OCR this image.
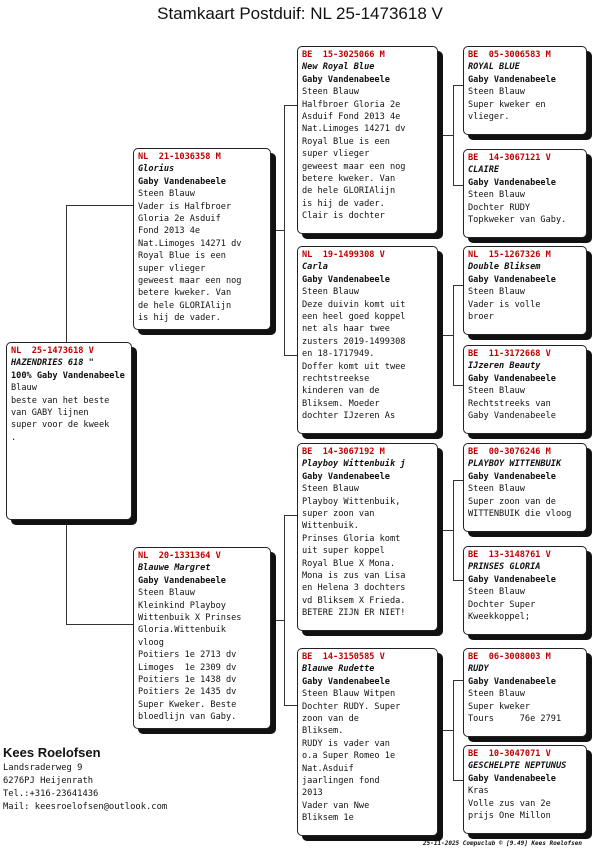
Stamkaart Postduif: NL 25-1473618 V
NL  25-1473618 V
HAZENDRIES 618 "
100% Gaby Vandenabeele
Blauw
beste van het beste
van GABY lijnen
super voor de kweek
.
NL  21-1036358 M
Glorius
Gaby Vandenabeele
Steen Blauw
Vader is Halfbroer
Gloria 2e Asduif
Fond 2013 4e
Nat.Limoges 14271 dv
Royal Blue is een
super vlieger
geweest maar een nog
betere kweker. Van
de hele GLORIAlijn
is hij de vader.
NL  20-1331364 V
Blauwe Margret
Gaby Vandenabeele
Steen Blauw
Kleinkind Playboy
Wittenbuik X Prinses
Gloria.Wittenbuik
vloog
Poitiers 1e 2713 dv
Limoges  1e 2309 dv
Poitiers 1e 1438 dv
Poitiers 2e 1435 dv
Super Kweker. Beste
bloedlijn van Gaby.
BE  15-3025066 M
New Royal Blue
Gaby Vandenabeele
Steen Blauw
Halfbroer Gloria 2e
Asduif Fond 2013 4e
Nat.Limoges 14271 dv
Royal Blue is een
super vlieger
geweest maar een nog
betere kweker. Van
de hele GLORIAlijn
is hij de vader.
Clair is dochter
NL  19-1499308 V
Carla
Gaby Vandenabeele
Steen Blauw
Deze duivin komt uit
een heel goed koppel
net als haar twee
zusters 2019-1499308
en 18-1717949.
Doffer komt uit twee
rechtstreekse
kinderen van de
Bliksem. Moeder
dochter IJzeren As
BE  14-3067192 M
Playboy Wittenbuik j
Gaby Vandenabeele
Steen Blauw
Playboy Wittenbuik,
super zoon van
Wittenbuik.
Prinses Gloria komt
uit super koppel
Royal Blue X Mona.
Mona is zus van Lisa
en Helena 3 dochters
vd Bliksem X Frieda.
BETERE ZIJN ER NIET!
BE  14-3150585 V
Blauwe Rudette
Gaby Vandenabeele
Steen Blauw Witpen
Dochter RUDY. Super
zoon van de
Bliksem.
RUDY is vader van
o.a Super Romeo 1e
Nat.Asduif
jaarlingen fond
2013
Vader van Nwe
Bliksem 1e
BE  05-3006583 M
ROYAL BLUE
Gaby Vandenabeele
Steen Blauw
Super kweker en
vlieger.
BE  14-3067121 V
CLAIRE
Gaby Vandenabeele
Steen Blauw
Dochter RUDY
Topkweker van Gaby.
NL  15-1267326 M
Double Bliksem
Gaby Vandenabeele
Steen Blauw
Vader is volle
broer
BE  11-3172668 V
IJzeren Beauty
Gaby Vandenabeele
Steen Blauw
Rechtstreeks van
Gaby Vandenabeele
BE  00-3076246 M
PLAYBOY WITTENBUIK
Gaby Vandenabeele
Steen Blauw
Super zoon van de
WITTENBUIK die vloog
BE  13-3148761 V
PRINSES GLORIA
Gaby Vandenabeele
Steen Blauw
Dochter Super
Kweekkoppel;
BE  06-3008003 M
RUDY
Gaby Vandenabeele
Steen Blauw
Super kweker
Tours     76e 2791
BE  10-3047071 V
GESCHELPTE NEPTUNUS
Gaby Vandenabeele
Kras
Volle zus van 2e
prijs One Millon
Kees Roelofsen
Landsraderweg 9
6276PJ Heijenrath
Tel.:+316-23641436
Mail: keesroelofsen@outlook.com
25-11-2025 Compuclub © [9.49] Kees Roelofsen
